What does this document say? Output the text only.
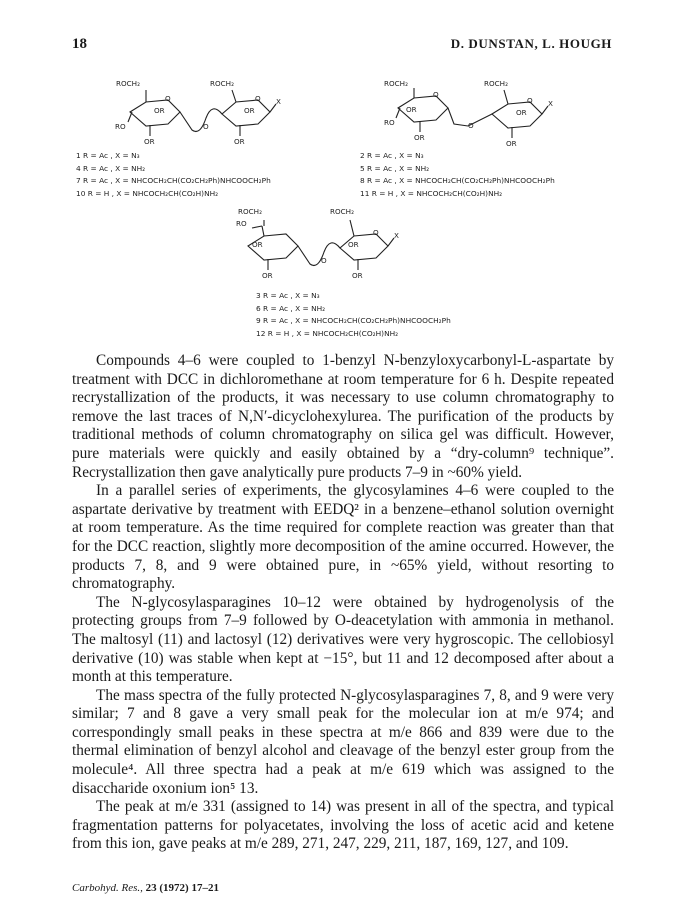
18	D. DUNSTAN, L. HOUGH
ROCH₂	ROCH₂
O	O X
OR	OR
RO	O
OR	OR
1 R = Ac , X = N₃
4 R = Ac , X = NH₂
7 R = Ac , X = NHCOCH₂CH(CO₂CH₂Ph)NHCOOCH₂Ph
10 R = H , X = NHCOCH₂CH(CO₂H)NH₂
ROCH₂	ROCH₂
O
O X
OR	OR
RO	O
OR
OR
2 R = Ac , X = N₃
5 R = Ac , X = NH₂
8 R = Ac , X = NHCOCH₂CH(CO₂CH₂Ph)NHCOOCH₂Ph
11 R = H , X = NHCOCH₂CH(CO₂H)NH₂
ROCH₂	ROCH₂
RO
O X
OR	OR
O
OR	OR
3 R = Ac , X = N₃
6 R = Ac , X = NH₂
9 R = Ac , X = NHCOCH₂CH(CO₂CH₂Ph)NHCOOCH₂Ph
12 R = H , X = NHCOCH₂CH(CO₂H)NH₂

Compounds 4–6 were coupled to 1-benzyl N-benzyloxycarbonyl-L-aspartate by treatment with DCC in dichloromethane at room temperature for 6 h. Despite repeated recrystallization of the products, it was necessary to use column chromatography to remove the last traces of N,N′-dicyclohexylurea. The purification of the products by traditional methods of column chromatography on silica gel was difficult. However, pure materials were quickly and easily obtained by a “dry-column⁹ technique”. Recrystallization then gave analytically pure products 7–9 in ~60% yield.

In a parallel series of experiments, the glycosylamines 4–6 were coupled to the aspartate derivative by treatment with EEDQ² in a benzene–ethanol solution overnight at room temperature. As the time required for complete reaction was greater than that for the DCC reaction, slightly more decomposition of the amine occurred. However, the products 7, 8, and 9 were obtained pure, in ~65% yield, without resorting to chromatography.

The N-glycosylasparagines 10–12 were obtained by hydrogenolysis of the protecting groups from 7–9 followed by O-deacetylation with ammonia in methanol. The maltosyl (11) and lactosyl (12) derivatives were very hygroscopic. The cellobiosyl derivative (10) was stable when kept at −15°, but 11 and 12 decomposed after about a month at this temperature.

The mass spectra of the fully protected N-glycosylasparagines 7, 8, and 9 were very similar; 7 and 8 gave a very small peak for the molecular ion at m/e 974; and correspondingly small peaks in these spectra at m/e 866 and 839 were due to the thermal elimination of benzyl alcohol and cleavage of the benzyl ester group from the molecule⁴. All three spectra had a peak at m/e 619 which was assigned to the disaccharide oxonium ion⁵ 13.

The peak at m/e 331 (assigned to 14) was present in all of the spectra, and typical fragmentation patterns for polyacetates, involving the loss of acetic acid and ketene from this ion, gave peaks at m/e 289, 271, 247, 229, 211, 187, 169, 127, and 109.

Carbohyd. Res., 23 (1972) 17–21
